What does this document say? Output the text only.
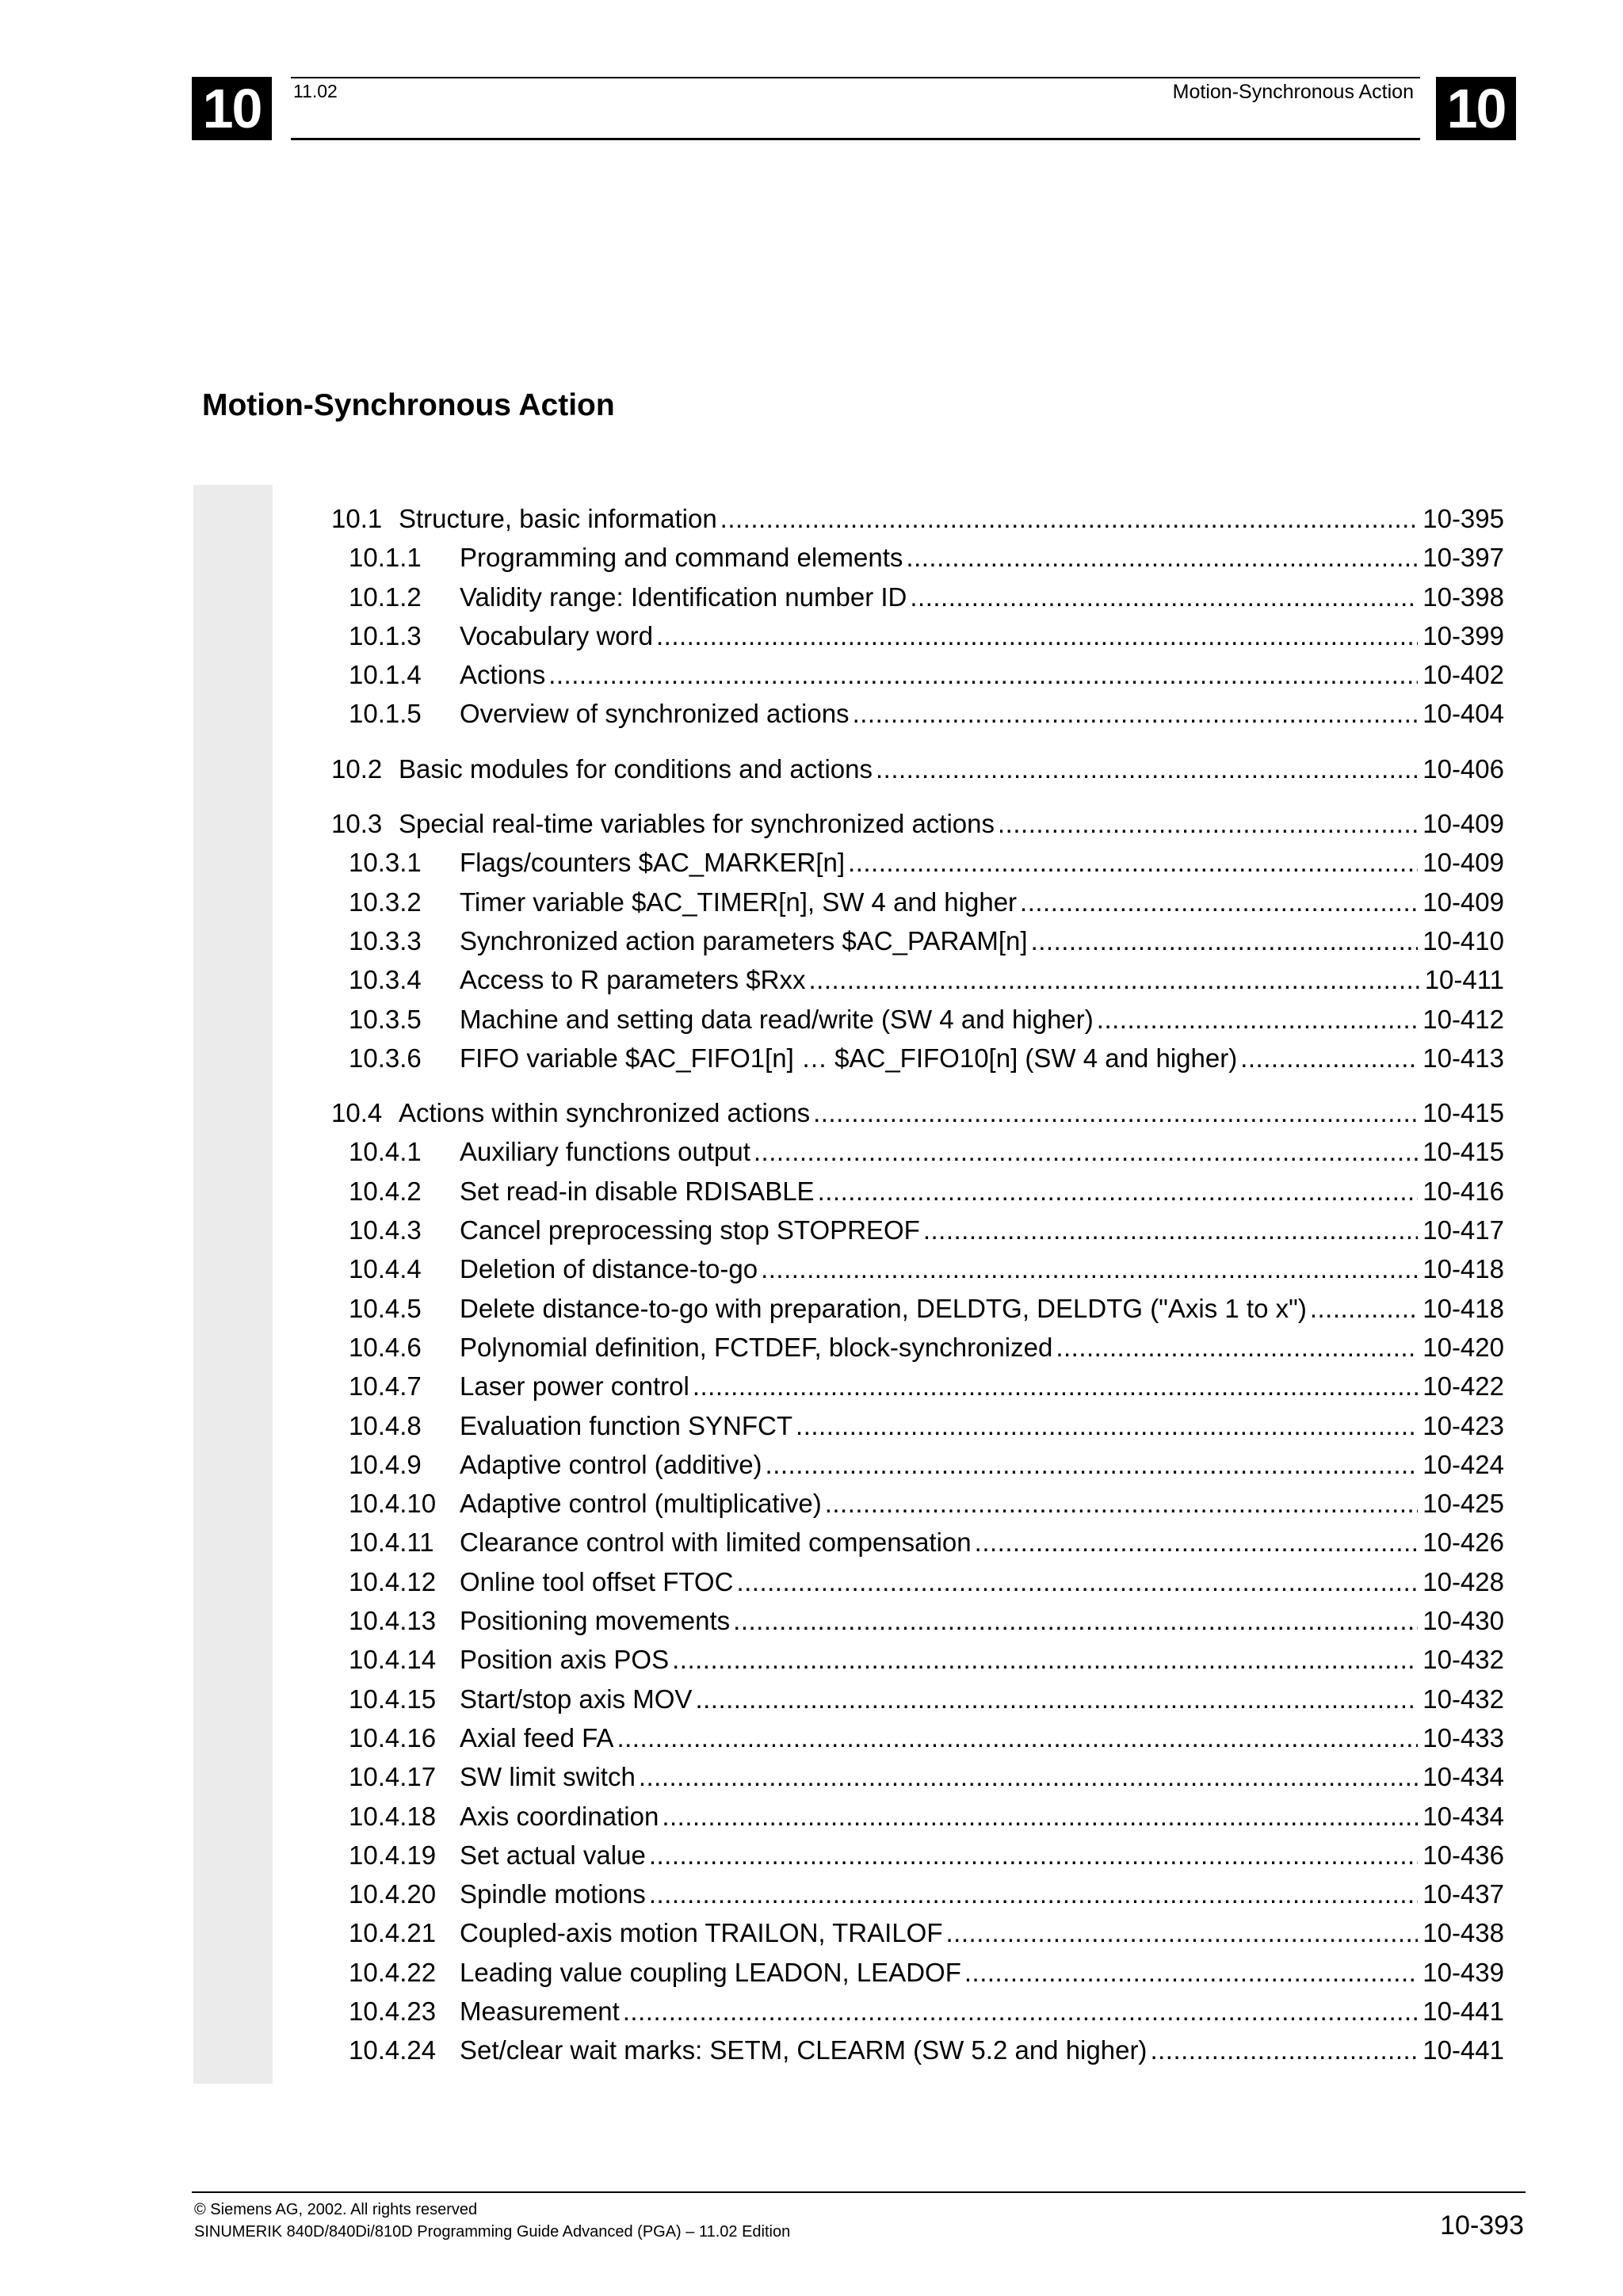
10	11.02	Motion-Synchronous Action 10
Motion-Synchronous Action
10.1 Structure, basic information .....	10-395
10.1.1	Programming and command elements .....	10-397
10.1.2	Validity range: Identification number ID .....	10-398
10.1.3	Vocabulary word .....	10-399
10.1.4	Actions .....	10-402
10.1.5	Overview of synchronized actions .....	10-404
10.2 Basic modules for conditions and actions .....	10-406
10.3 Special real-time variables for synchronized actions .....	10-409
10.3.1	Flags/counters $AC_MARKER[n] .....	10-409
10.3.2	Timer variable $AC_TIMER[n], SW 4 and higher .....	10-409
10.3.3	Synchronized action parameters $AC_PARAM[n] .....	10-410
10.3.4	Access to R parameters $Rxx .....	10-411
10.3.5	Machine and setting data read/write (SW 4 and higher) .....	10-412
10.3.6	FIFO variable $AC_FIFO1[n] … $AC_FIFO10[n] (SW 4 and higher) .....	10-413
10.4 Actions within synchronized actions .....	10-415
10.4.1	Auxiliary functions output .....	10-415
10.4.2	Set read-in disable RDISABLE .....	10-416
10.4.3	Cancel preprocessing stop STOPREOF .....	10-417
10.4.4	Deletion of distance-to-go .....	10-418
10.4.5	Delete distance-to-go with preparation, DELDTG, DELDTG ("Axis 1 to x") .....	10-418
10.4.6	Polynomial definition, FCTDEF, block-synchronized .....	10-420
10.4.7	Laser power control .....	10-422
10.4.8	Evaluation function SYNFCT .....	10-423
10.4.9	Adaptive control (additive) .....	10-424
10.4.10 Adaptive control (multiplicative) .....	10-425
10.4.11 Clearance control with limited compensation .....	10-426
10.4.12 Online tool offset FTOC .....	10-428
10.4.13 Positioning movements .....	10-430
10.4.14 Position axis POS .....	10-432
10.4.15 Start/stop axis MOV .....	10-432
10.4.16 Axial feed FA .....	10-433
10.4.17 SW limit switch .....	10-434
10.4.18 Axis coordination .....	10-434
10.4.19 Set actual value .....	10-436
10.4.20 Spindle motions .....	10-437
10.4.21 Coupled-axis motion TRAILON, TRAILOF .....	10-438
10.4.22 Leading value coupling LEADON, LEADOF .....	10-439
10.4.23 Measurement .....	10-441
10.4.24 Set/clear wait marks: SETM, CLEARM (SW 5.2 and higher) .....	10-441
© Siemens AG, 2002. All rights reserved
SINUMERIK 840D/840Di/810D Programming Guide Advanced (PGA) – 11.02 Edition	10-393
